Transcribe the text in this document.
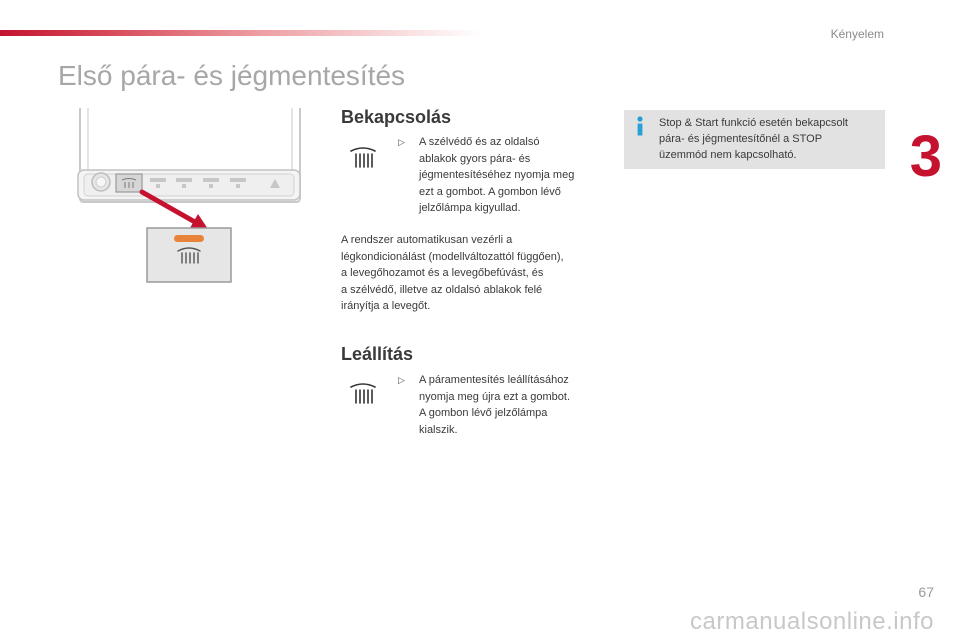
Kényelem
3
Első pára- és jégmentesítés
Bekapcsolás
▷ A szélvédő és az oldalsó
ablakok gyors pára- és
jégmentesítéséhez nyomja meg
ezt a gombot. A gombon lévő
jelzőlámpa kigyullad.
A rendszer automatikusan vezérli a
légkondicionálást (modellváltozattól függően),
a levegőhozamot és a levegőbefúvást, és
a szélvédő, illetve az oldalsó ablakok felé
irányítja a levegőt.
Leállítás
▷ A páramentesítés leállításához
nyomja meg újra ezt a gombot.
A gombon lévő jelzőlámpa
kialszik.
Stop & Start funkció esetén bekapcsolt
pára- és jégmentesítőnél a STOP
üzemmód nem kapcsolható.
carmanualsonline.info
67
